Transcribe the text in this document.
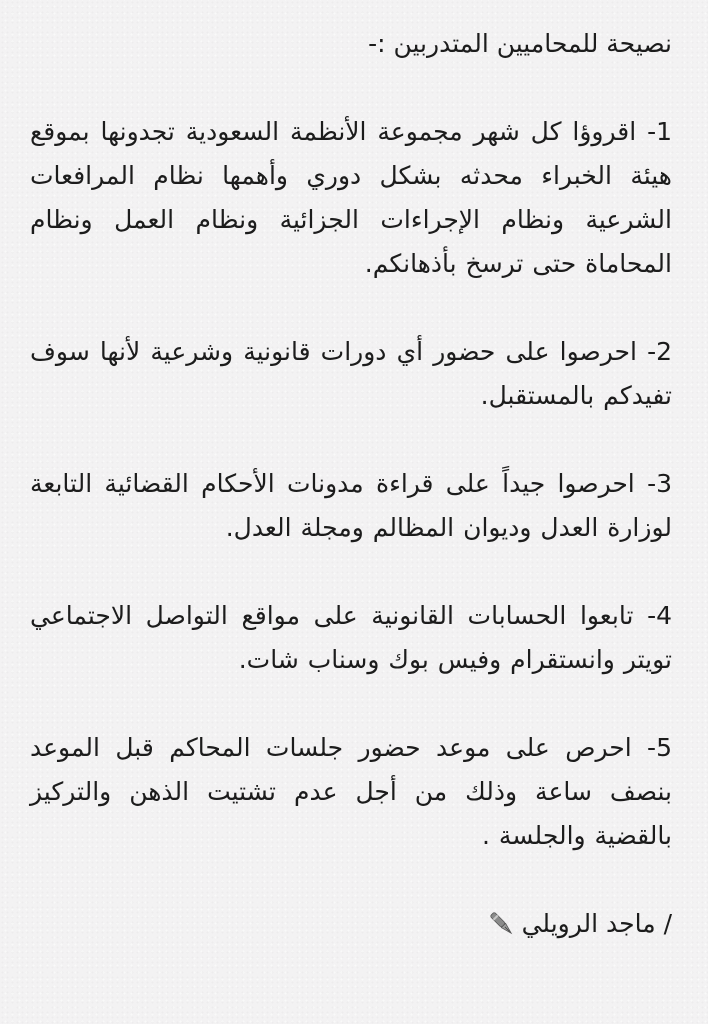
نصيحة للمحاميين المتدربين :-
1- اقروؤا كل شهر مجموعة الأنظمة السعودية تجدونها بموقع هيئة الخبراء محدثه بشكل دوري وأهمها نظام المرافعات الشرعية ونظام الإجراءات الجزائية ونظام العمل ونظام المحاماة حتى ترسخ بأذهانكم.
2- احرصوا على حضور أي دورات قانونية وشرعية لأنها سوف تفيدكم بالمستقبل.
3- احرصوا جيداً على قراءة مدونات الأحكام القضائية التابعة لوزارة العدل وديوان المظالم ومجلة العدل.
4- تابعوا الحسابات القانونية على مواقع التواصل الاجتماعي تويتر وانستقرام وفيس بوك وسناب شات.
5- احرص على موعد حضور جلسات المحاكم قبل الموعد بنصف ساعة وذلك من أجل عدم تشتيت الذهن والتركيز بالقضية والجلسة .
/ ماجد الرويلي
